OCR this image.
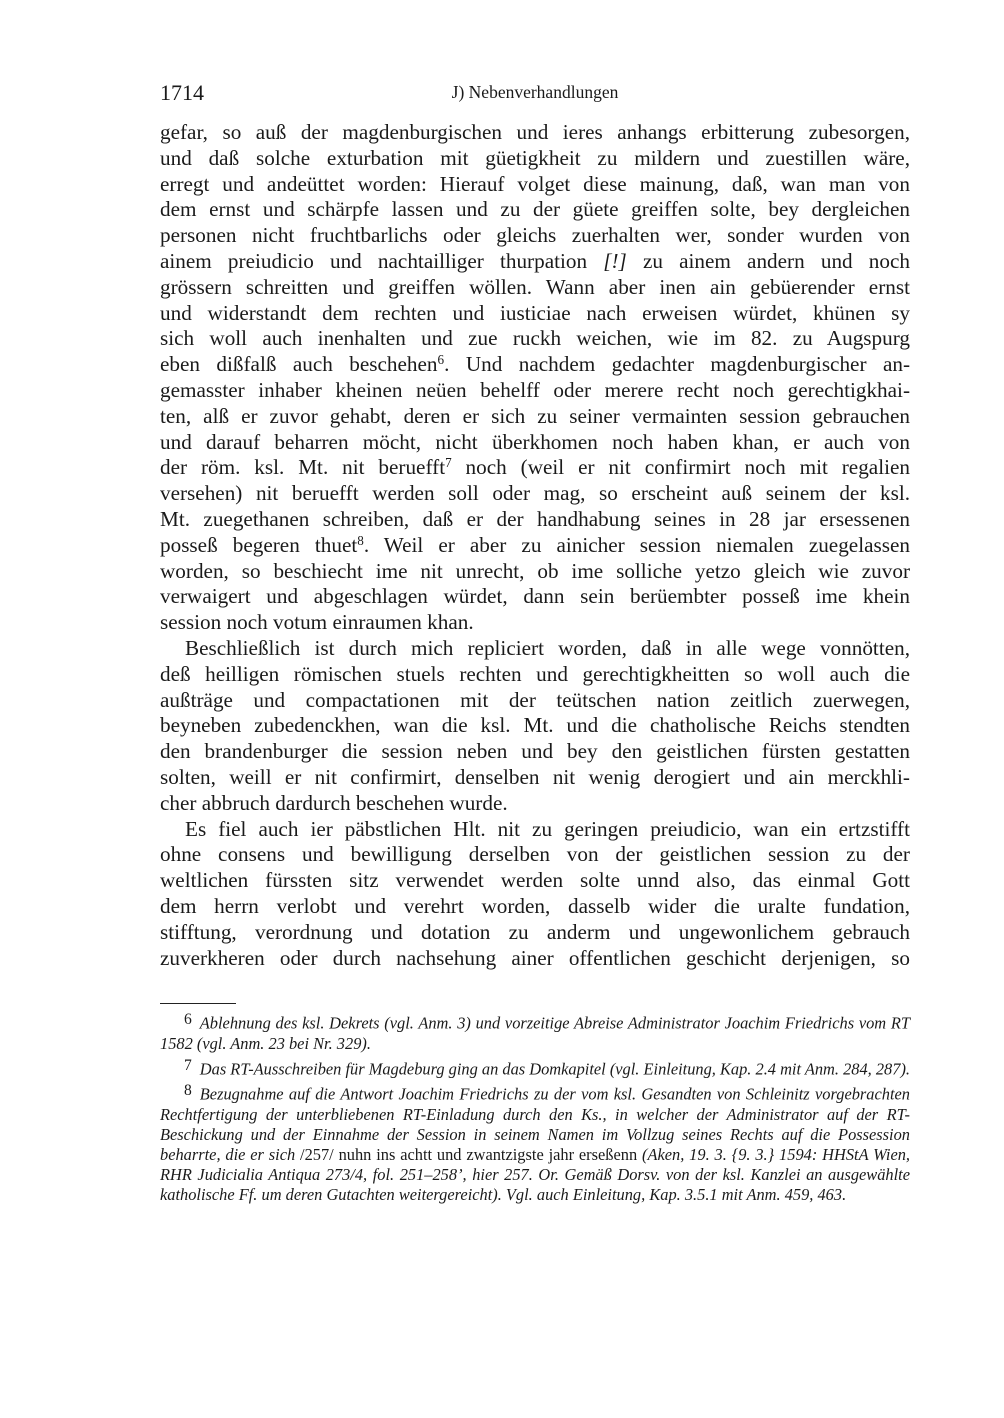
1714	J) Nebenverhandlungen

gefar, so auß der magdenburgischen und ieres anhangs erbitterung zubesorgen,
und daß solche exturbation mit güetigkheit zu mildern und zuestillen wäre,
erregt und andeüttet worden: Hierauf volget diese mainung, daß, wan man von
dem ernst und schärpfe lassen und zu der güete greiffen solte, bey dergleichen
personen nicht fruchtbarlichs oder gleichs zuerhalten wer, sonder wurden von
ainem preiudicio und nachtailliger thurpation [!] zu ainem andern und noch
grössern schreitten und greiffen wöllen. Wann aber inen ain gebüerender ernst
und widerstandt dem rechten und iusticiae nach erweisen würdet, khünen sy
sich woll auch inenhalten und zue ruckh weichen, wie im 82. zu Augspurg
eben dißfalß auch beschehen$^6$. Und nachdem gedachter magdenburgischer an-
gemasster inhaber kheinen neüen behelff oder merere recht noch gerechtigkhai-
ten, alß er zuvor gehabt, deren er sich zu seiner vermainten session gebrauchen
und darauf beharren möcht, nicht überkhomen noch haben khan, er auch von
der röm. ksl. Mt. nit beruefft$^7$ noch (weil er nit confirmirt noch mit regalien
versehen) nit beruefft werden soll oder mag, so erscheint auß seinem der ksl.
Mt. zuegethanen schreiben, daß er der handhabung seines in 28 jar ersessenen
posseß begeren thuet$^8$. Weil er aber zu ainicher session niemalen zuegelassen
worden, so beschiecht ime nit unrecht, ob ime solliche yetzo gleich wie zuvor
verwaigert und abgeschlagen würdet, dann sein berüembter posseß ime khein
session noch votum einraumen khan.

Beschließlich ist durch mich repliciert worden, daß in alle wege vonnötten,
deß heilligen römischen stuels rechten und gerechtigkheitten so woll auch die
außträge und compactationen mit der teütschen nation zeitlich zuerwegen,
beyneben zubedenckhen, wan die ksl. Mt. und die chatholische Reichs stendten
den brandenburger die session neben und bey den geistlichen fürsten gestatten
solten, weill er nit confirmirt, denselben nit wenig derogiert und ain merckhli-
cher abbruch dardurch beschehen wurde.

Es fiel auch ier päbstlichen Hlt. nit zu geringen preiudicio, wan ein ertzstifft
ohne consens und bewilligung derselben von der geistlichen session zu der
weltlichen fürssten sitz verwendet werden solte unnd also, das einmal Gott
dem herrn verlobt und verehrt worden, dasselb wider die uralte fundation,
stifftung, verordnung und dotation zu anderm und ungewonlichem gebrauch
zuverkheren oder durch nachsehung ainer offentlichen geschicht derjenigen, so

6 Ablehnung des ksl. Dekrets (vgl. Anm. 3) und vorzeitige Abreise Administrator Joachim Friedrichs vom RT 1582 (vgl. Anm. 23 bei Nr. 329).

7 Das RT-Ausschreiben für Magdeburg ging an das Domkapitel (vgl. Einleitung, Kap. 2.4 mit Anm. 284, 287).

8 Bezugnahme auf die Antwort Joachim Friedrichs zu der vom ksl. Gesandten von Schleinitz vorgebrachten Rechtfertigung der unterbliebenen RT-Einladung durch den Ks., in welcher der Administrator auf der RT-Beschickung und der Einnahme der Session in seinem Namen im Vollzug seines Rechts auf die Possession beharrte, die er sich /257/ nuhn ins achtt und zwantzigste jahr erseßenn (Aken, 19. 3. {9. 3.} 1594: HHStA Wien, RHR Judicialia Antiqua 273/4, fol. 251–258’, hier 257. Or. Gemäß Dorsv. von der ksl. Kanzlei an ausgewählte katholische Ff. um deren Gutachten weitergereicht). Vgl. auch Einleitung, Kap. 3.5.1 mit Anm. 459, 463.
